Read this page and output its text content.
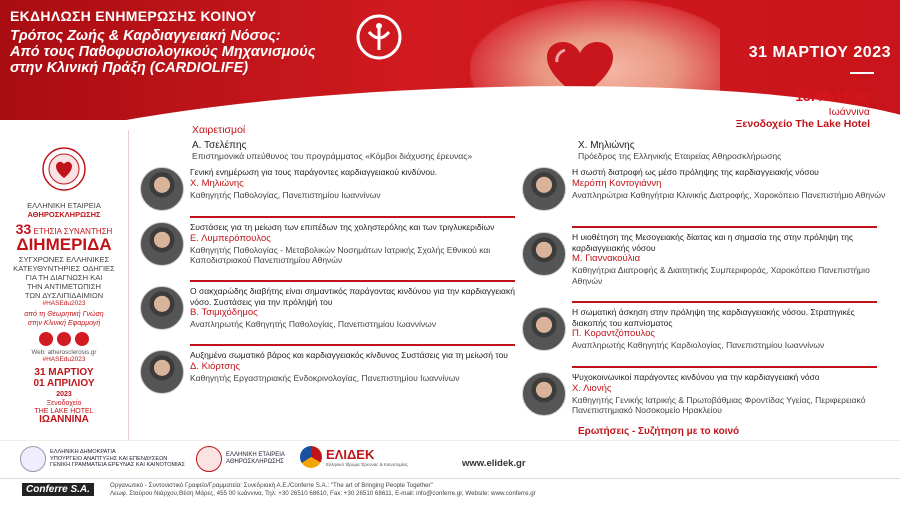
ΕΚΔΗΛΩΣΗ ΕΝΗΜΕΡΩΣΗΣ ΚΟΙΝΟΥ
Τρόπος Ζωής & Καρδιαγγειακή Νόσος:
Από τους Παθοφυσιολογικούς Μηχανισμούς
στην Κλινική Πράξη (CARDIOLIFE)
31 ΜΑΡΤΙΟΥ 2023
13.45-16.30
Ιωάννινα
Ξενοδοχείο The Lake Hotel
ΕΛΛΗΝΙΚΗ ΕΤΑΙΡΕΙΑ
ΑΘΗΡΟΣΚΛΗΡΩΣΗΣ
33 ΕΤΗΣΙΑ ΣΥΝΑΝΤΗΣΗ
ΔΙΗΜΕΡΙΔΑ
ΣΥΓΧΡΟΝΕΣ ΕΛΛΗΝΙΚΕΣ
ΚΑΤΕΥΘΥΝΤΗΡΙΕΣ ΟΔΗΓΙΕΣ
ΓΙΑ ΤΗ ΔΙΑΓΝΩΣΗ ΚΑΙ
ΤΗΝ ΑΝΤΙΜΕΤΩΠΙΣΗ
ΤΩΝ ΔΥΣΛΙΠΙΔΑΙΜΙΩΝ
#HASEdu2023
από τη Θεωρητική Γνώση
στην Κλινική Εφαρμογή
Web: atherosclerosis.gr
#HASEdu2023
31 ΜΑΡΤΙΟΥ
01 ΑΠΡΙΛΙΟΥ
2023
Ξενοδοχείο
THE LAKE HOTEL
ΙΩΑΝΝΙΝΑ
Χαιρετισμοί
Α. Τσελέπης
Επιστημονικά υπεύθυνος του προγράμματος «Κόμβοι διάχυσης έρευνας»
Χ. Μηλιώνης
Πρόεδρος της Ελληνικής Εταιρείας Αθηροσκλήρωσης
Γενική ενημέρωση για τους παράγοντες καρδιαγγειακού κινδύνου.
Χ. Μηλιώνης
Καθηγητής Παθολογίας, Πανεπιστημίου Ιωαννίνων
Συστάσεις για τη μείωση των επιπέδων της χοληστερόλης και των τριγλυκεριδίων
Ε. Λυμπερόπουλος
Καθηγητής Παθολογίας - Μεταβολικών Νοσημάτων Ιατρικής Σχολής Εθνικού και Καποδιστριακού Πανεπιστημίου Αθηνών
Ο σακχαρώδης διαβήτης είναι σημαντικός παράγοντας κινδύνου για την καρδιαγγειακή νόσο. Συστάσεις για την πρόληψή του
Β. Τσιμιχόδημος
Αναπληρωτής Καθηγητής Παθολογίας, Πανεπιστημίου Ιωαννίνων
Αυξημένο σωματικό βάρος και καρδιαγγειακός κίνδυνος Συστάσεις για τη μείωσή του
Δ. Κιόρτσης
Καθηγητής Εργαστηριακής Ενδοκρινολογίας, Πανεπιστημίου Ιωαννίνων
Η σωστή διατροφή ως μέσο πρόληψης της καρδιαγγειακής νόσου
Μερόπη Κοντογιάννη
Αναπληρώτρια Καθηγήτρια Κλινικής Διατροφής, Χαροκόπειο Πανεπιστήμιο Αθηνών
Η υιοθέτηση της Μεσογειακής δίαιτας και η σημασία της στην πρόληψη της καρδιαγγειακής νόσου
Μ. Γιαννακούλια
Καθηγήτρια Διατροφής & Διαιτητικής Συμπεριφοράς, Χαροκόπειο Πανεπιστήμιο Αθηνών
Η σωματική άσκηση στην πρόληψη της καρδιαγγειακής νόσου. Στρατηγικές διακοπής του καπνίσματος
Π. Κοραντζόπουλος
Αναπληρωτής Καθηγητής Καρδιολογίας, Πανεπιστημίου Ιωαννίνων
Ψυχοκοινωνικοί παράγοντες κινδύνου για την καρδιαγγειακή νόσο
Χ. Λιονής
Καθηγητής Γενικής Ιατρικής & Πρωτοβάθμιας Φροντίδας Υγείας, Περιφερειακό Πανεπιστημιακό Νοσοκομείο Ηρακλείου
Ερωτήσεις - Συζήτηση με το κοινό
ΕΛΛΗΝΙΚΗ ΔΗΜΟΚΡΑΤΙΑ
ΥΠΟΥΡΓΕΙΟ ΑΝΑΠΤΥΞΗΣ ΚΑΙ ΕΠΕΝΔΥΣΕΩΝ
ΓΕΝΙΚΗ ΓΡΑΜΜΑΤΕΙΑ ΕΡΕΥΝΑΣ ΚΑΙ ΚΑΙΝΟΤΟΜΙΑΣ
ΕΛΛΗΝΙΚΗ ΕΤΑΙΡΕΙΑ
ΑΘΗΡΟΣΚΛΗΡΩΣΗΣ	ΕΛΙΔΕΚ
Ελληνικό Ίδρυμα Έρευνας & Καινοτομίας	www.elidek.gr
Conferre S.A.	Οργανωτικό - Συντονιστικό Γραφείο/Γραμματεία: Συνεδριακή Α.Ε./Conferre S.A.: "The art of Bringing People Together"
Λεωφ. Σταύρου Νιάρχου,Θέση Μάρες, 455 00 Ιωάννινα, Τηλ: +30 26510 68610, Fax: +30 26510 68611, E-mail: info@conferre.gr, Website: www.conferre.gr
